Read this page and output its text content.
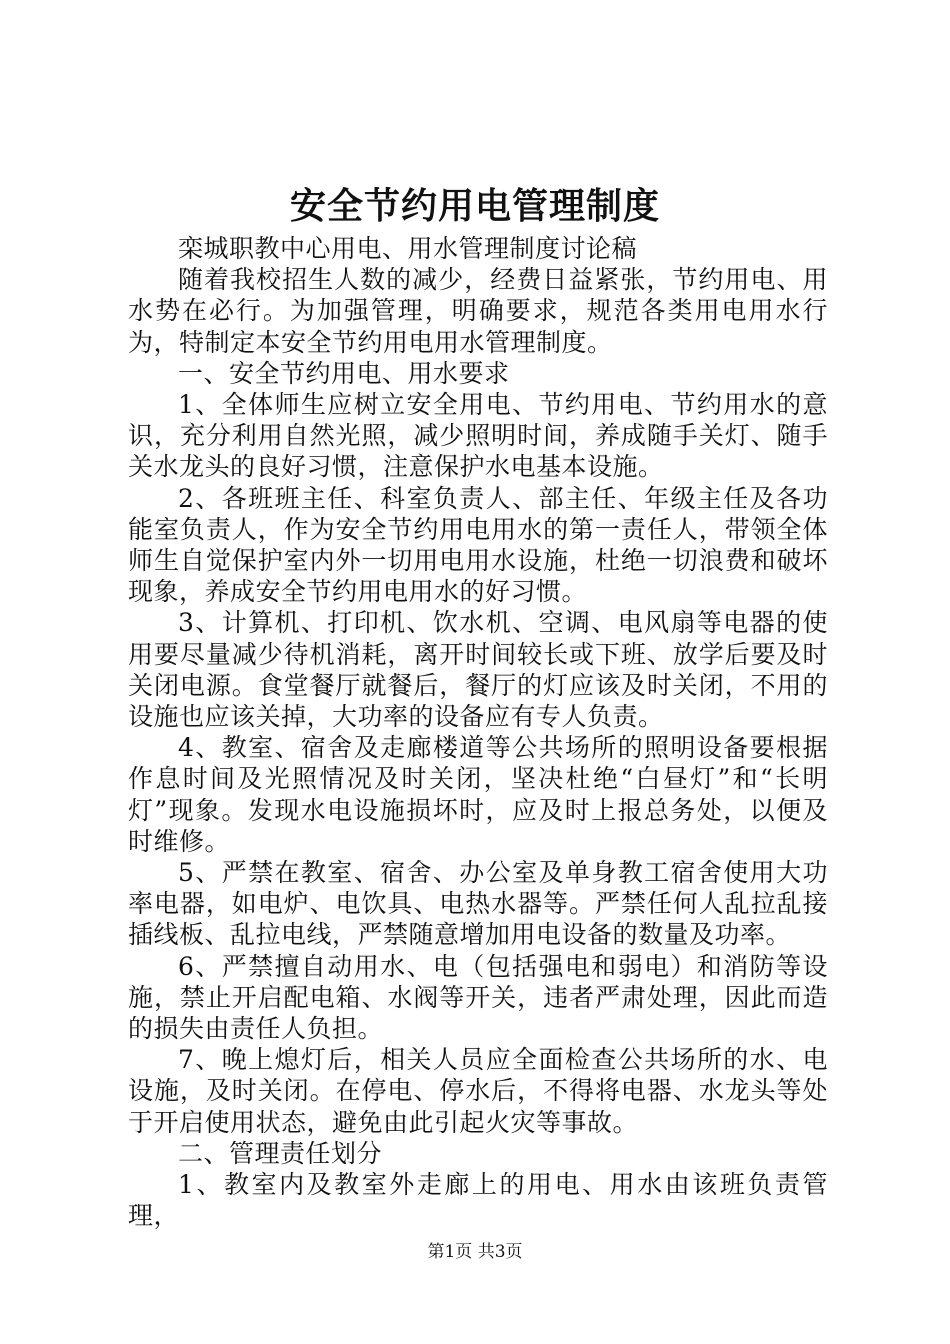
安全节约用电管理制度

栾城职教中心用电、用水管理制度讨论稿

随着我校招生人数的减少，经费日益紧张，节约用电、用水势在必行。为加强管理，明确要求，规范各类用电用水行为，特制定本安全节约用电用水管理制度。

一、安全节约用电、用水要求

1、全体师生应树立安全用电、节约用电、节约用水的意识，充分利用自然光照，减少照明时间，养成随手关灯、随手关水龙头的良好习惯，注意保护水电基本设施。

2、各班班主任、科室负责人、部主任、年级主任及各功能室负责人，作为安全节约用电用水的第一责任人，带领全体师生自觉保护室内外一切用电用水设施，杜绝一切浪费和破坏现象，养成安全节约用电用水的好习惯。

3、计算机、打印机、饮水机、空调、电风扇等电器的使用要尽量减少待机消耗，离开时间较长或下班、放学后要及时关闭电源。食堂餐厅就餐后，餐厅的灯应该及时关闭，不用的设施也应该关掉，大功率的设备应有专人负责。

4、教室、宿舍及走廊楼道等公共场所的照明设备要根据作息时间及光照情况及时关闭，坚决杜绝“白昼灯”和“长明灯”现象。发现水电设施损坏时，应及时上报总务处，以便及时维修。

5、严禁在教室、宿舍、办公室及单身教工宿舍使用大功率电器，如电炉、电饮具、电热水器等。严禁任何人乱拉乱接插线板、乱拉电线，严禁随意增加用电设备的数量及功率。

6、严禁擅自动用水、电（包括强电和弱电）和消防等设施，禁止开启配电箱、水阀等开关，违者严肃处理，因此而造的损失由责任人负担。

7、晚上熄灯后，相关人员应全面检查公共场所的水、电设施，及时关闭。在停电、停水后，不得将电器、水龙头等处于开启使用状态，避免由此引起火灾等事故。

二、管理责任划分

1、教室内及教室外走廊上的用电、用水由该班负责管理，

第1页 共3页
